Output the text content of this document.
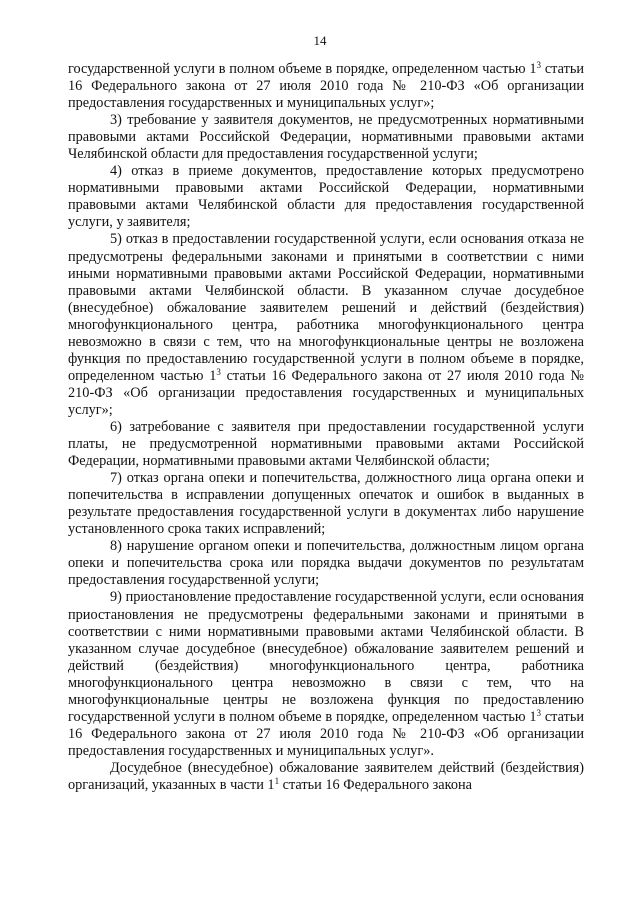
14

государственной услуги в полном объеме в порядке, определенном частью $1^3$ статьи 16 Федерального закона от 27 июля 2010 года № 210-ФЗ «Об организации предоставления государственных и муниципальных услуг»;

3) требование у заявителя документов, не предусмотренных нормативными правовыми актами Российской Федерации, нормативными правовыми актами Челябинской области для предоставления государственной услуги;

4) отказ в приеме документов, предоставление которых предусмотрено нормативными правовыми актами Российской Федерации, нормативными правовыми актами Челябинской области для предоставления государственной услуги, у заявителя;

5) отказ в предоставлении государственной услуги, если основания отказа не предусмотрены федеральными законами и принятыми в соответствии с ними иными нормативными правовыми актами Российской Федерации, нормативными правовыми актами Челябинской области. В указанном случае досудебное (внесудебное) обжалование заявителем решений и действий (бездействия) многофункционального центра, работника многофункционального центра невозможно в связи с тем, что на многофункциональные центры не возложена функция по предоставлению государственной услуги в полном объеме в порядке, определенном частью $1^3$ статьи 16 Федерального закона от 27 июля 2010 года № 210-ФЗ «Об организации предоставления государственных и муниципальных услуг»;

6) затребование с заявителя при предоставлении государственной услуги платы, не предусмотренной нормативными правовыми актами Российской Федерации, нормативными правовыми актами Челябинской области;

7) отказ органа опеки и попечительства, должностного лица органа опеки и попечительства в исправлении допущенных опечаток и ошибок в выданных в результате предоставления государственной услуги в документах либо нарушение установленного срока таких исправлений;

8) нарушение органом опеки и попечительства, должностным лицом органа опеки и попечительства срока или порядка выдачи документов по результатам предоставления государственной услуги;

9) приостановление предоставление государственной услуги, если основания приостановления не предусмотрены федеральными законами и принятыми в соответствии с ними нормативными правовыми актами Челябинской области. В указанном случае досудебное (внесудебное) обжалование заявителем решений и действий (бездействия) многофункционального центра, работника многофункционального центра невозможно в связи с тем, что на многофункциональные центры не возложена функция по предоставлению государственной услуги в полном объеме в порядке, определенном частью $1^3$ статьи 16 Федерального закона от 27 июля 2010 года № 210-ФЗ «Об организации предоставления государственных и муниципальных услуг».

Досудебное (внесудебное) обжалование заявителем действий (бездействия) организаций, указанных в части $1^1$ статьи 16 Федерального закона
